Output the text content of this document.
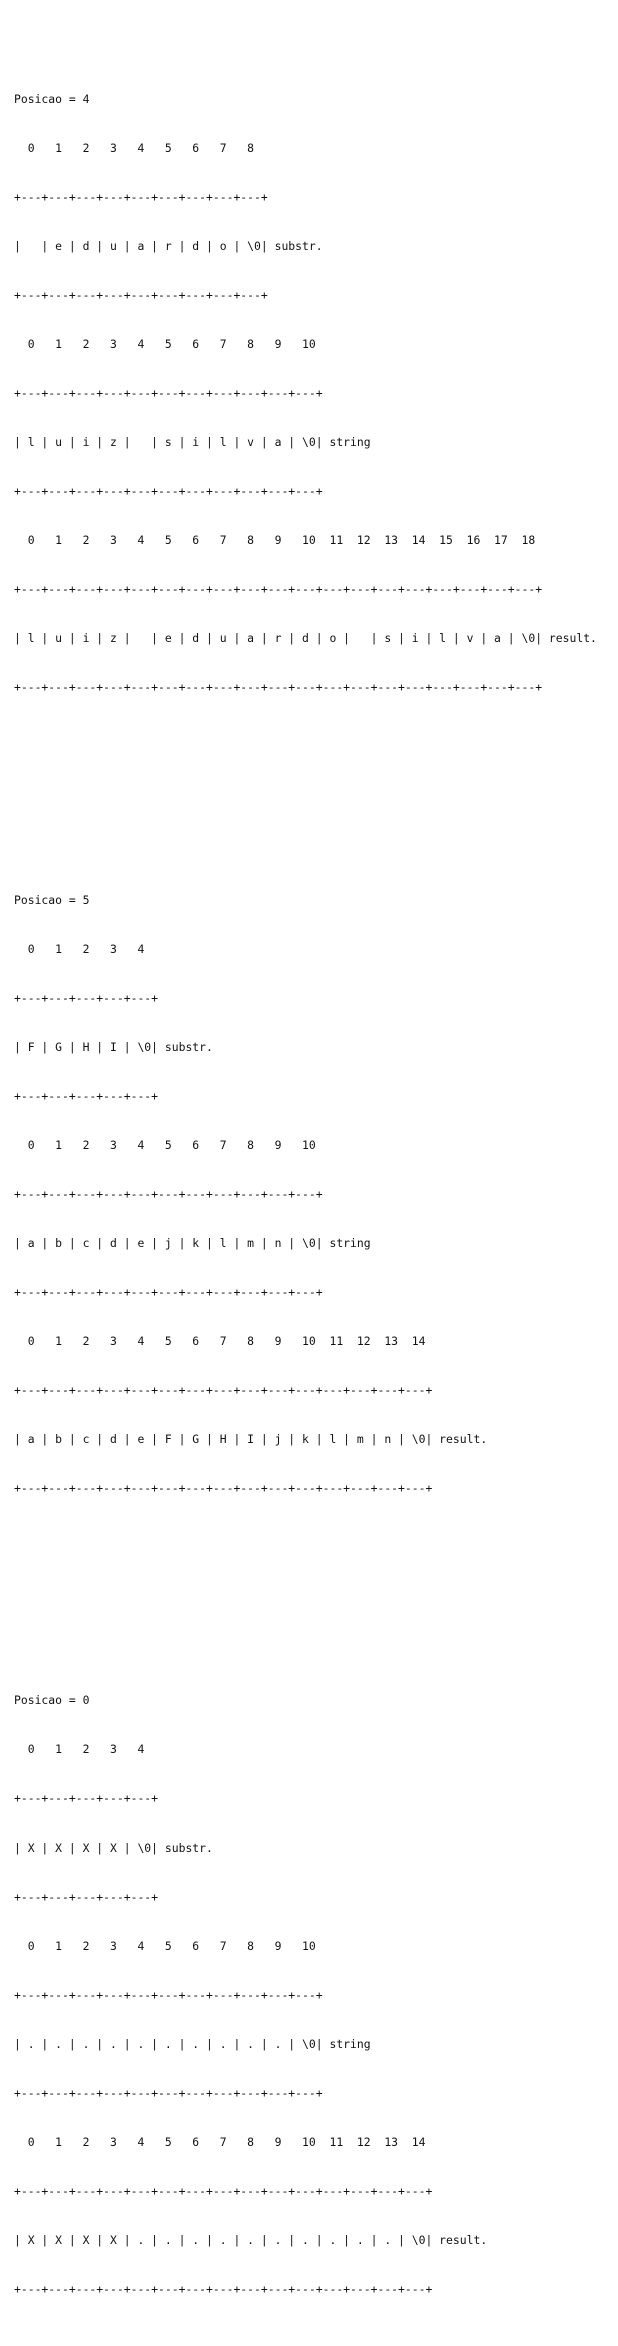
Posicao = 4

0   1   2   3   4   5   6   7   8

+---+---+---+---+---+---+---+---+---+

|   | e | d | u | a | r | d | o | \0| substr.

+---+---+---+---+---+---+---+---+---+

0   1   2   3   4   5   6   7   8   9   10

+---+---+---+---+---+---+---+---+---+---+---+

| l | u | i | z |   | s | i | l | v | a | \0| string

+---+---+---+---+---+---+---+---+---+---+---+

0   1   2   3   4   5   6   7   8   9   10  11  12  13  14  15  16  17  18

+---+---+---+---+---+---+---+---+---+---+---+---+---+---+---+---+---+---+---+

| l | u | i | z |   | e | d | u | a | r | d | o |   | s | i | l | v | a | \0| result.

+---+---+---+---+---+---+---+---+---+---+---+---+---+---+---+---+---+---+---+

Posicao = 5

0   1   2   3   4

+---+---+---+---+---+

| F | G | H | I | \0| substr.

+---+---+---+---+---+

0   1   2   3   4   5   6   7   8   9   10

+---+---+---+---+---+---+---+---+---+---+---+

| a | b | c | d | e | j | k | l | m | n | \0| string

+---+---+---+---+---+---+---+---+---+---+---+

0   1   2   3   4   5   6   7   8   9   10  11  12  13  14

+---+---+---+---+---+---+---+---+---+---+---+---+---+---+---+

| a | b | c | d | e | F | G | H | I | j | k | l | m | n | \0| result.

+---+---+---+---+---+---+---+---+---+---+---+---+---+---+---+

Posicao = 0

0   1   2   3   4

+---+---+---+---+---+

| X | X | X | X | \0| substr.

+---+---+---+---+---+

0   1   2   3   4   5   6   7   8   9   10

+---+---+---+---+---+---+---+---+---+---+---+

| . | . | . | . | . | . | . | . | . | . | \0| string

+---+---+---+---+---+---+---+---+---+---+---+

0   1   2   3   4   5   6   7   8   9   10  11  12  13  14

+---+---+---+---+---+---+---+---+---+---+---+---+---+---+---+

| X | X | X | X | . | . | . | . | . | . | . | . | . | . | \0| result.

+---+---+---+---+---+---+---+---+---+---+---+---+---+---+---+
